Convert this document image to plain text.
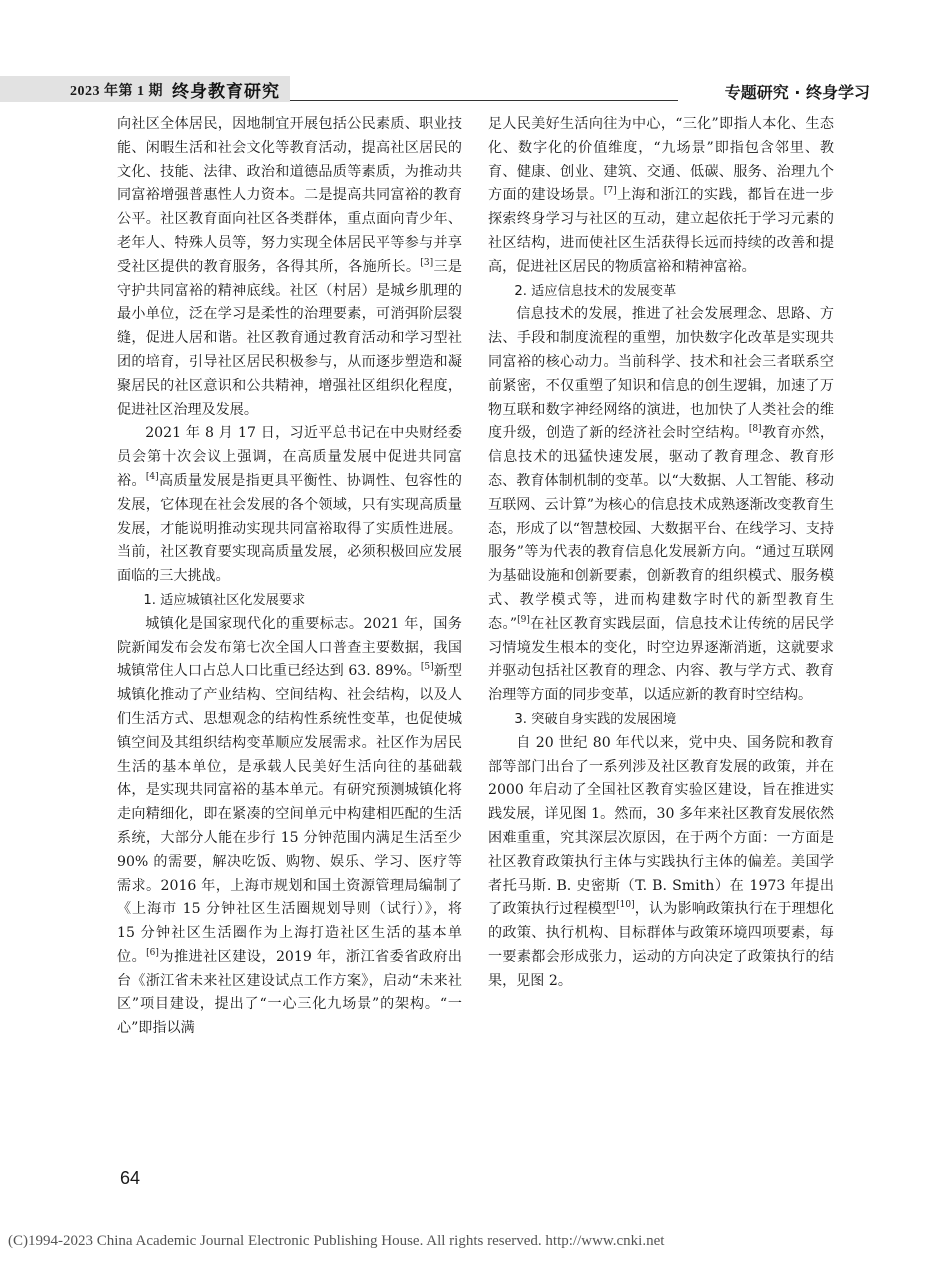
2023 年第 1 期 终身教育研究	专题研究 · 终身学习

向社区全体居民，因地制宜开展包括公民素质、职业技能、闲暇生活和社会文化等教育活动，提高社区居民的文化、技能、法律、政治和道德品质等素质，为推动共同富裕增强普惠性人力资本。二是提高共同富裕的教育公平。社区教育面向社区各类群体，重点面向青少年、老年人、特殊人员等，努力实现全体居民平等参与并享受社区提供的教育服务，各得其所，各施所长。[3]三是守护共同富裕的精神底线。社区（村居）是城乡肌理的最小单位，泛在学习是柔性的治理要素，可消弭阶层裂缝，促进人居和谐。社区教育通过教育活动和学习型社团的培育，引导社区居民积极参与，从而逐步塑造和凝聚居民的社区意识和公共精神，增强社区组织化程度，促进社区治理及发展。

2021 年 8 月 17 日，习近平总书记在中央财经委员会第十次会议上强调，在高质量发展中促进共同富裕。[4]高质量发展是指更具平衡性、协调性、包容性的发展，它体现在社会发展的各个领域，只有实现高质量发展，才能说明推动实现共同富裕取得了实质性进展。当前，社区教育要实现高质量发展，必须积极回应发展面临的三大挑战。

1. 适应城镇社区化发展要求

城镇化是国家现代化的重要标志。2021 年，国务院新闻发布会发布第七次全国人口普查主要数据，我国城镇常住人口占总人口比重已经达到 63. 89%。[5]新型城镇化推动了产业结构、空间结构、社会结构，以及人们生活方式、思想观念的结构性系统性变革，也促使城镇空间及其组织结构变革顺应发展需求。社区作为居民生活的基本单位，是承载人民美好生活向往的基础载体，是实现共同富裕的基本单元。有研究预测城镇化将走向精细化，即在紧凑的空间单元中构建相匹配的生活系统，大部分人能在步行 15 分钟范围内满足生活至少 90% 的需要，解决吃饭、购物、娱乐、学习、医疗等需求。2016 年，上海市规划和国土资源管理局编制了《上海市 15 分钟社区生活圈规划导则（试行）》，将 15 分钟社区生活圈作为上海打造社区生活的基本单位。[6]为推进社区建设，2019 年，浙江省委省政府出台《浙江省未来社区建设试点工作方案》，启动“未来社区”项目建设，提出了“一心三化九场景”的架构。“一心”即指以满

足人民美好生活向往为中心，“三化”即指人本化、生态化、数字化的价值维度，“九场景”即指包含邻里、教育、健康、创业、建筑、交通、低碳、服务、治理九个方面的建设场景。[7]上海和浙江的实践，都旨在进一步探索终身学习与社区的互动，建立起依托于学习元素的社区结构，进而使社区生活获得长远而持续的改善和提高，促进社区居民的物质富裕和精神富裕。

2. 适应信息技术的发展变革

信息技术的发展，推进了社会发展理念、思路、方法、手段和制度流程的重塑，加快数字化改革是实现共同富裕的核心动力。当前科学、技术和社会三者联系空前紧密，不仅重塑了知识和信息的创生逻辑，加速了万物互联和数字神经网络的演进，也加快了人类社会的维度升级，创造了新的经济社会时空结构。[8]教育亦然，信息技术的迅猛快速发展，驱动了教育理念、教育形态、教育体制机制的变革。以“大数据、人工智能、移动互联网、云计算”为核心的信息技术成熟逐渐改变教育生态，形成了以“智慧校园、大数据平台、在线学习、支持服务”等为代表的教育信息化发展新方向。“通过互联网为基础设施和创新要素，创新教育的组织模式、服务模式、教学模式等，进而构建数字时代的新型教育生态。”[9]在社区教育实践层面，信息技术让传统的居民学习情境发生根本的变化，时空边界逐渐消逝，这就要求并驱动包括社区教育的理念、内容、教与学方式、教育治理等方面的同步变革，以适应新的教育时空结构。

3. 突破自身实践的发展困境

自 20 世纪 80 年代以来，党中央、国务院和教育部等部门出台了一系列涉及社区教育发展的政策，并在 2000 年启动了全国社区教育实验区建设，旨在推进实践发展，详见图 1。然而，30 多年来社区教育发展依然困难重重，究其深层次原因，在于两个方面：一方面是社区教育政策执行主体与实践执行主体的偏差。美国学者托马斯. B. 史密斯（T. B. Smith）在 1973 年提出了政策执行过程模型[10]，认为影响政策执行在于理想化的政策、执行机构、目标群体与政策环境四项要素，每一要素都会形成张力，运动的方向决定了政策执行的结果，见图 2。

64
(C)1994-2023 China Academic Journal Electronic Publishing House. All rights reserved. http://www.cnki.net
